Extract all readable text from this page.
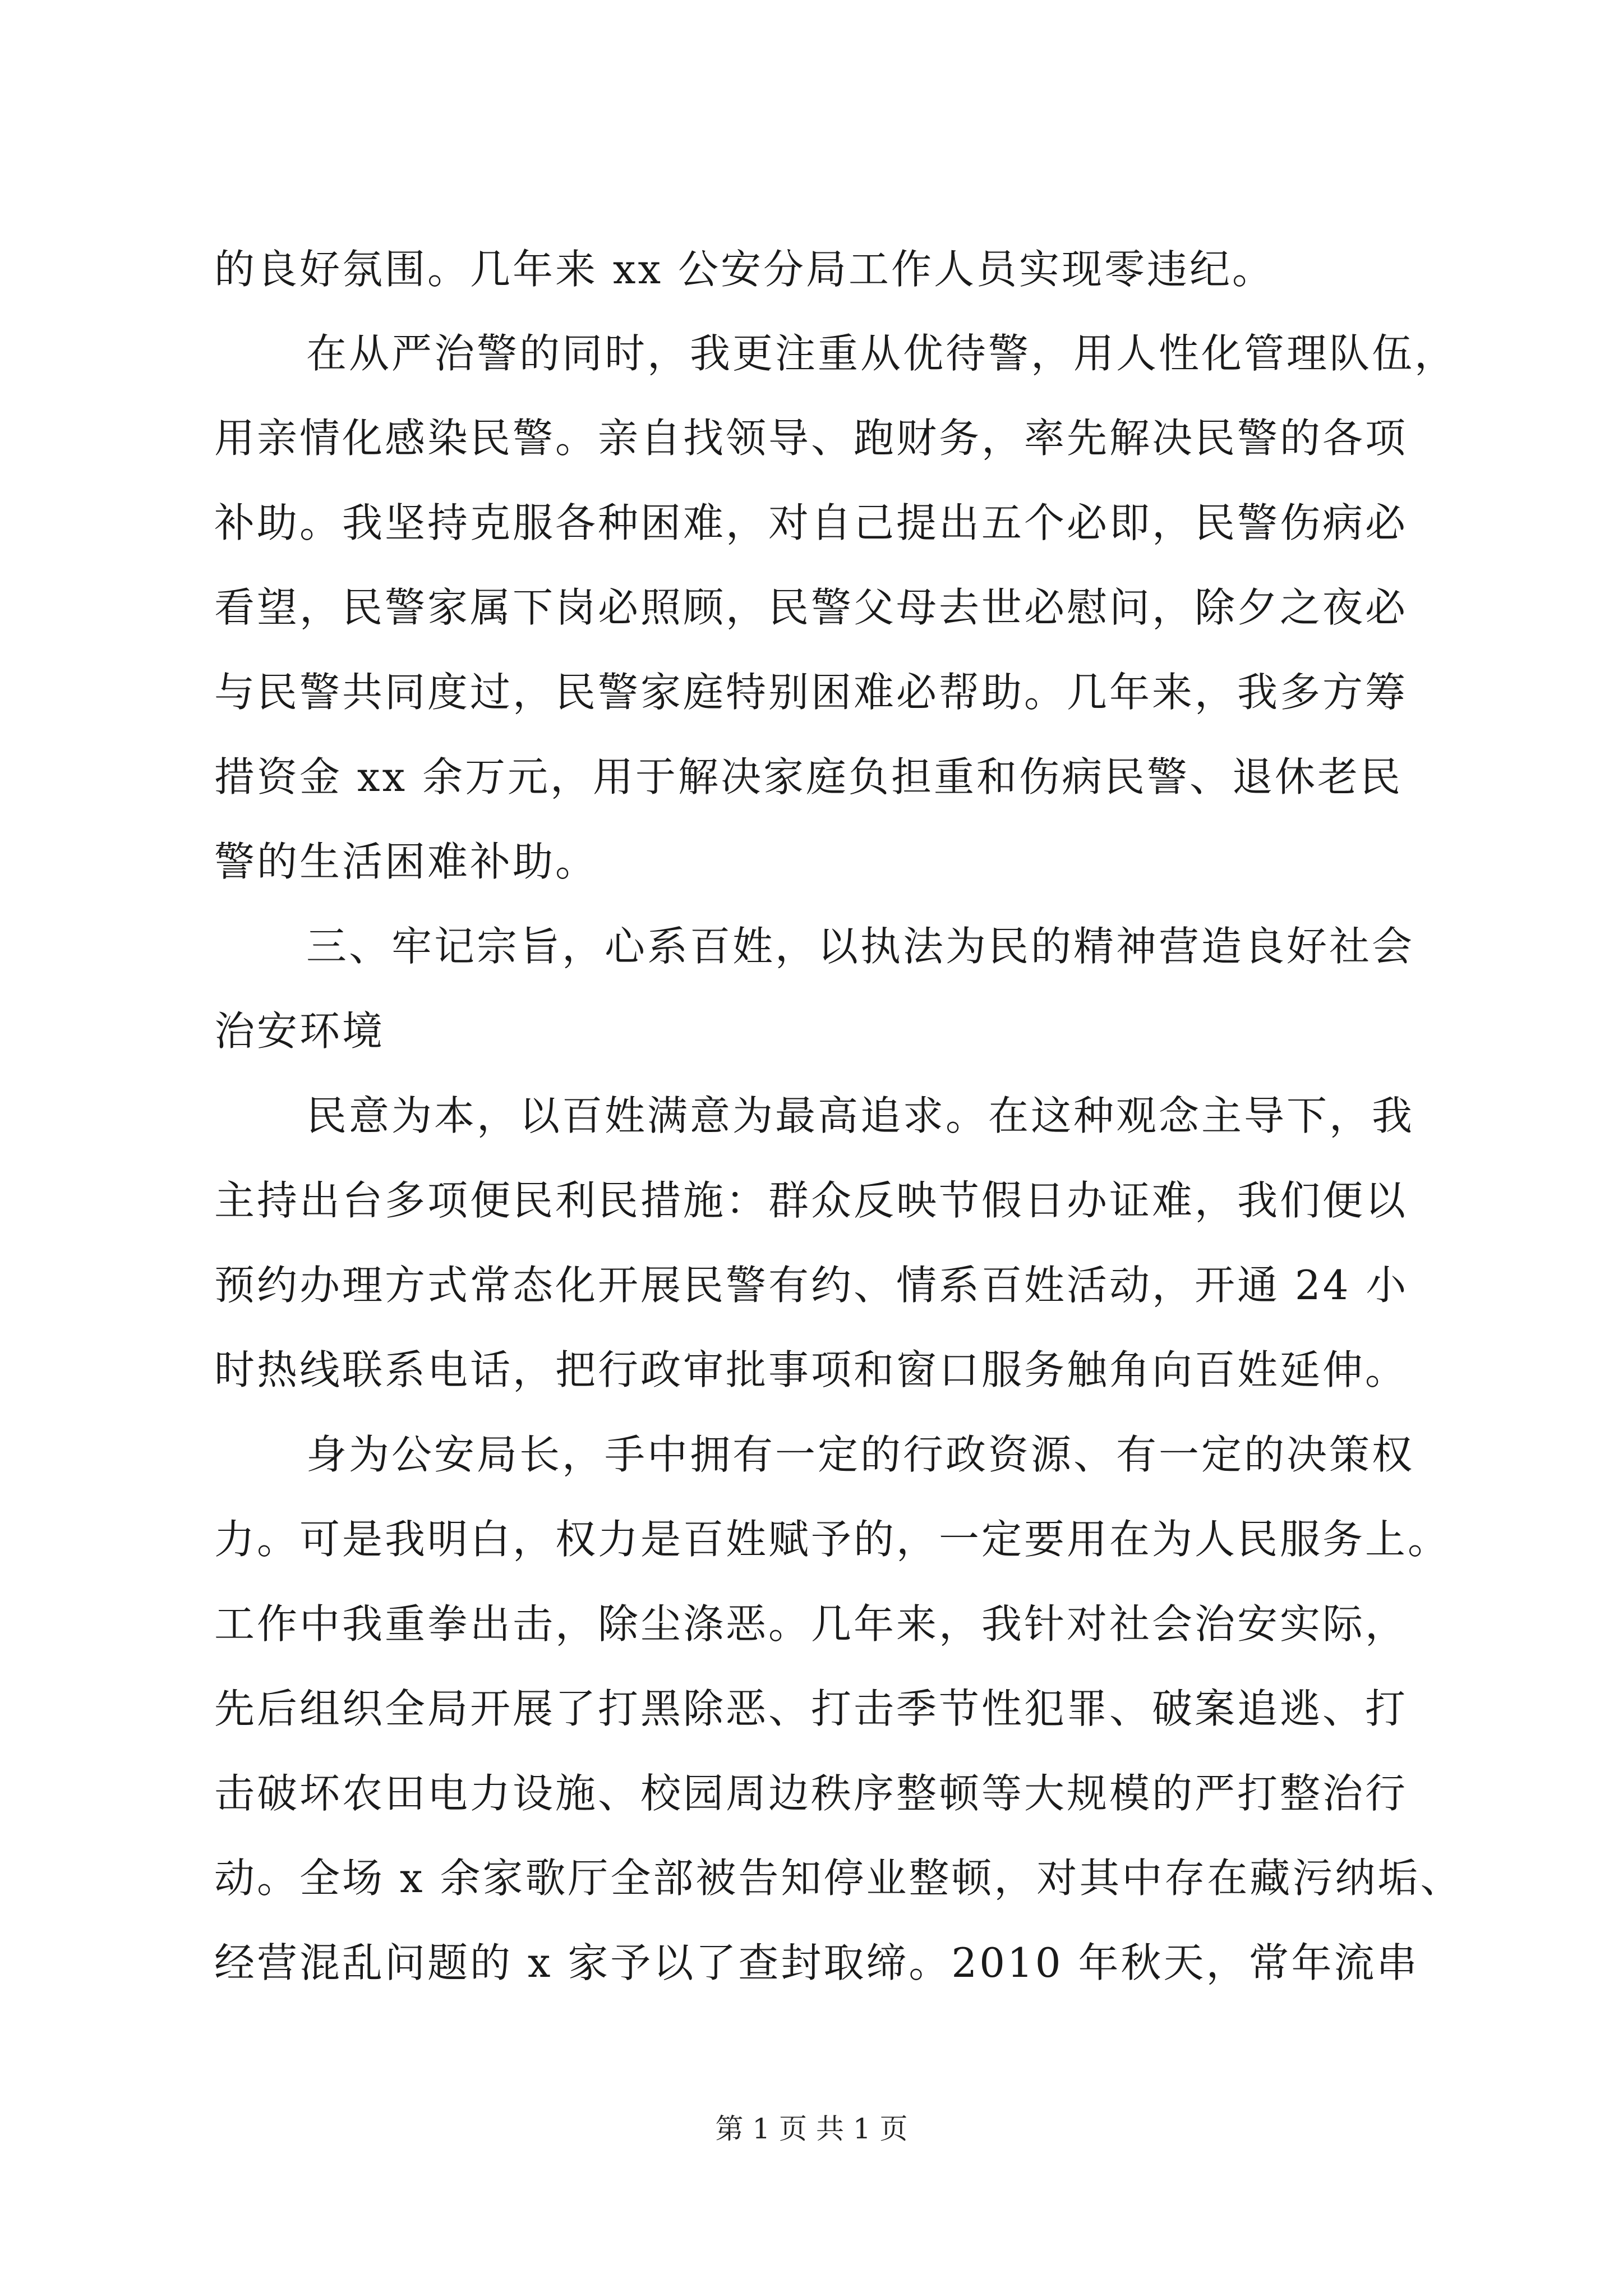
的良好氛围。几年来 xx 公安分局工作人员实现零违纪。
在从严治警的同时，我更注重从优待警，用人性化管理队伍，
用亲情化感染民警。亲自找领导、跑财务，率先解决民警的各项
补助。我坚持克服各种困难，对自己提出五个必即，民警伤病必
看望，民警家属下岗必照顾，民警父母去世必慰问，除夕之夜必
与民警共同度过，民警家庭特别困难必帮助。几年来，我多方筹
措资金 xx 余万元，用于解决家庭负担重和伤病民警、退休老民
警的生活困难补助。
三、牢记宗旨，心系百姓，以执法为民的精神营造良好社会
治安环境
民意为本，以百姓满意为最高追求。在这种观念主导下，我
主持出台多项便民利民措施：群众反映节假日办证难，我们便以
预约办理方式常态化开展民警有约、情系百姓活动，开通 24 小
时热线联系电话，把行政审批事项和窗口服务触角向百姓延伸。
身为公安局长，手中拥有一定的行政资源、有一定的决策权
力。可是我明白，权力是百姓赋予的，一定要用在为人民服务上。
工作中我重拳出击，除尘涤恶。几年来，我针对社会治安实际，
先后组织全局开展了打黑除恶、打击季节性犯罪、破案追逃、打
击破坏农田电力设施、校园周边秩序整顿等大规模的严打整治行
动。全场 x 余家歌厅全部被告知停业整顿，对其中存在藏污纳垢、
经营混乱问题的 x 家予以了查封取缔。2010 年秋天，常年流串
第 1 页 共 1 页
